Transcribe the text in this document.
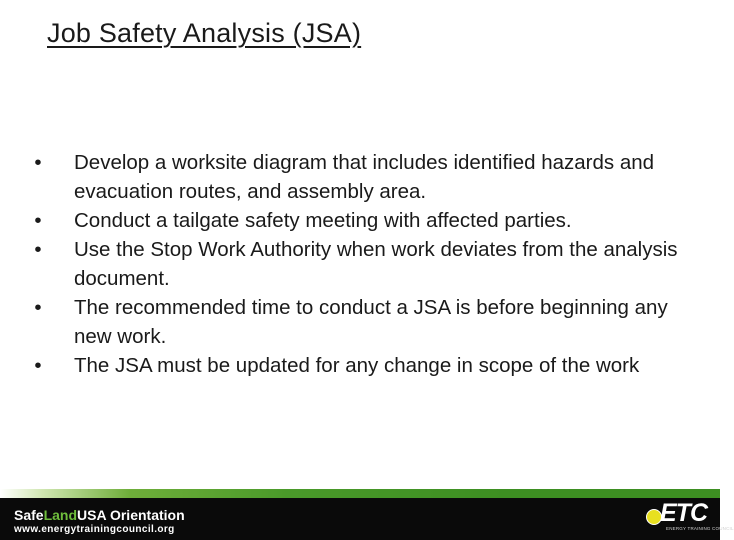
Job Safety Analysis (JSA)
•	Develop a worksite diagram that includes identified hazards and evacuation routes, and assembly area.
•	Conduct a tailgate safety meeting with affected parties.
•	Use the Stop Work Authority when work deviates from the analysis document.
•	The recommended time to conduct a JSA is before beginning any new work.
•	The JSA must be updated for any change in scope of the work
SafeLandUSA Orientation
www.energytrainingcouncil.org
ETC
ENERGY TRAINING COUNCIL
